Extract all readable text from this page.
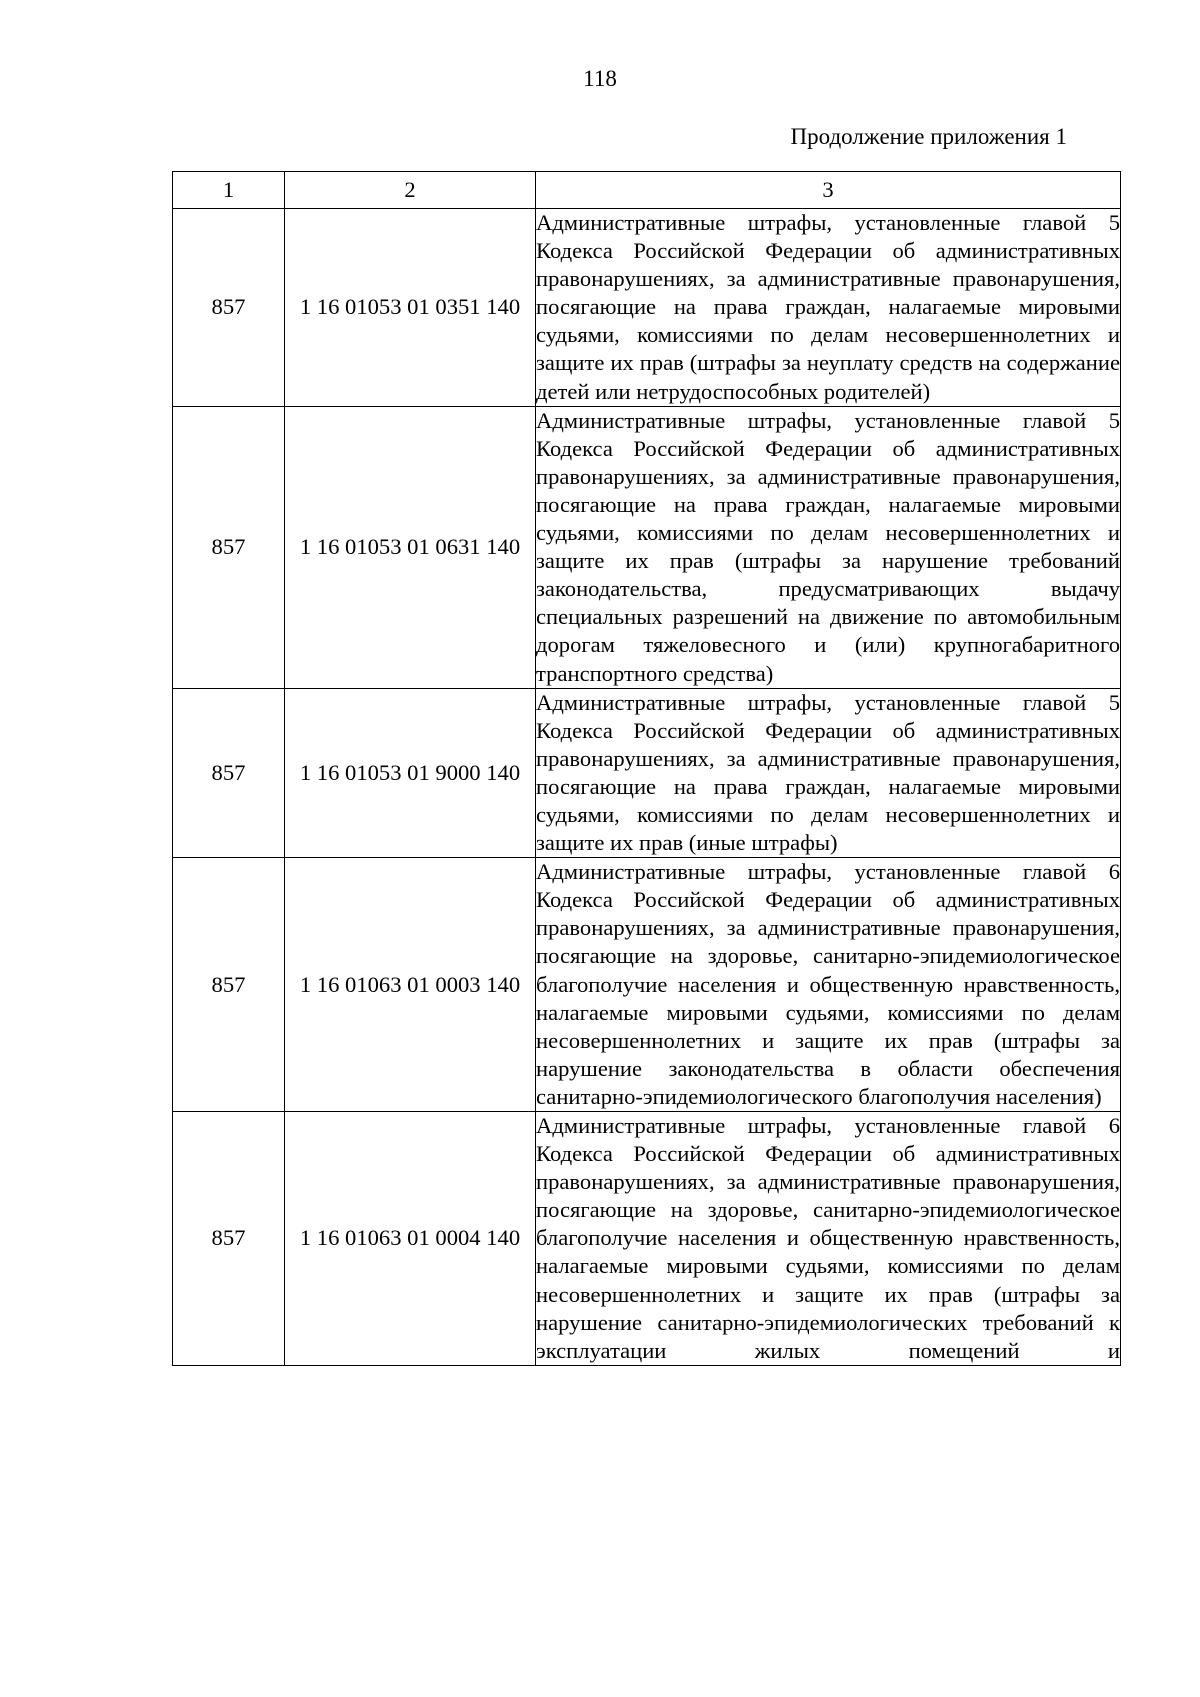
118
Продолжение приложения 1
1	2	3
857	1 16 01053 01 0351 140	Административные штрафы, установленные главой 5 Кодекса Российской Федерации об административных правонарушениях, за административные правонарушения, посягающие на права граждан, налагаемые мировыми судьями, комиссиями по делам несовершеннолетних и защите их прав (штрафы за неуплату средств на содержание детей или нетрудоспособных родителей)

857	1 16 01053 01 0631 140	Административные штрафы, установленные главой 5 Кодекса Российской Федерации об административных правонарушениях, за административные правонарушения, посягающие на права граждан, налагаемые мировыми судьями, комиссиями по делам несовершеннолетних и защите их прав (штрафы за нарушение требований законодательства, предусматривающих выдачу специальных разрешений на движение по автомобильным дорогам тяжеловесного и (или) крупногабаритного транспортного средства)

857	1 16 01053 01 9000 140	Административные штрафы, установленные главой 5 Кодекса Российской Федерации об административных правонарушениях, за административные правонарушения, посягающие на права граждан, налагаемые мировыми судьями, комиссиями по делам несовершеннолетних и защите их прав (иные штрафы)

857	1 16 01063 01 0003 140	Административные штрафы, установленные главой 6 Кодекса Российской Федерации об административных правонарушениях, за административные правонарушения, посягающие на здоровье, санитарно-эпидемиологическое благополучие населения и общественную нравственность, налагаемые мировыми судьями, комиссиями по делам несовершеннолетних и защите их прав (штрафы за нарушение законодательства в области обеспечения санитарно-эпидемиологического благополучия населения)

857	1 16 01063 01 0004 140	Административные штрафы, установленные главой 6 Кодекса Российской Федерации об административных правонарушениях, за административные правонарушения, посягающие на здоровье, санитарно-эпидемиологическое благополучие населения и общественную нравственность, налагаемые мировыми судьями, комиссиями по делам несовершеннолетних и защите их прав (штрафы за нарушение санитарно-эпидемиологических требований к эксплуатации жилых помещений и
